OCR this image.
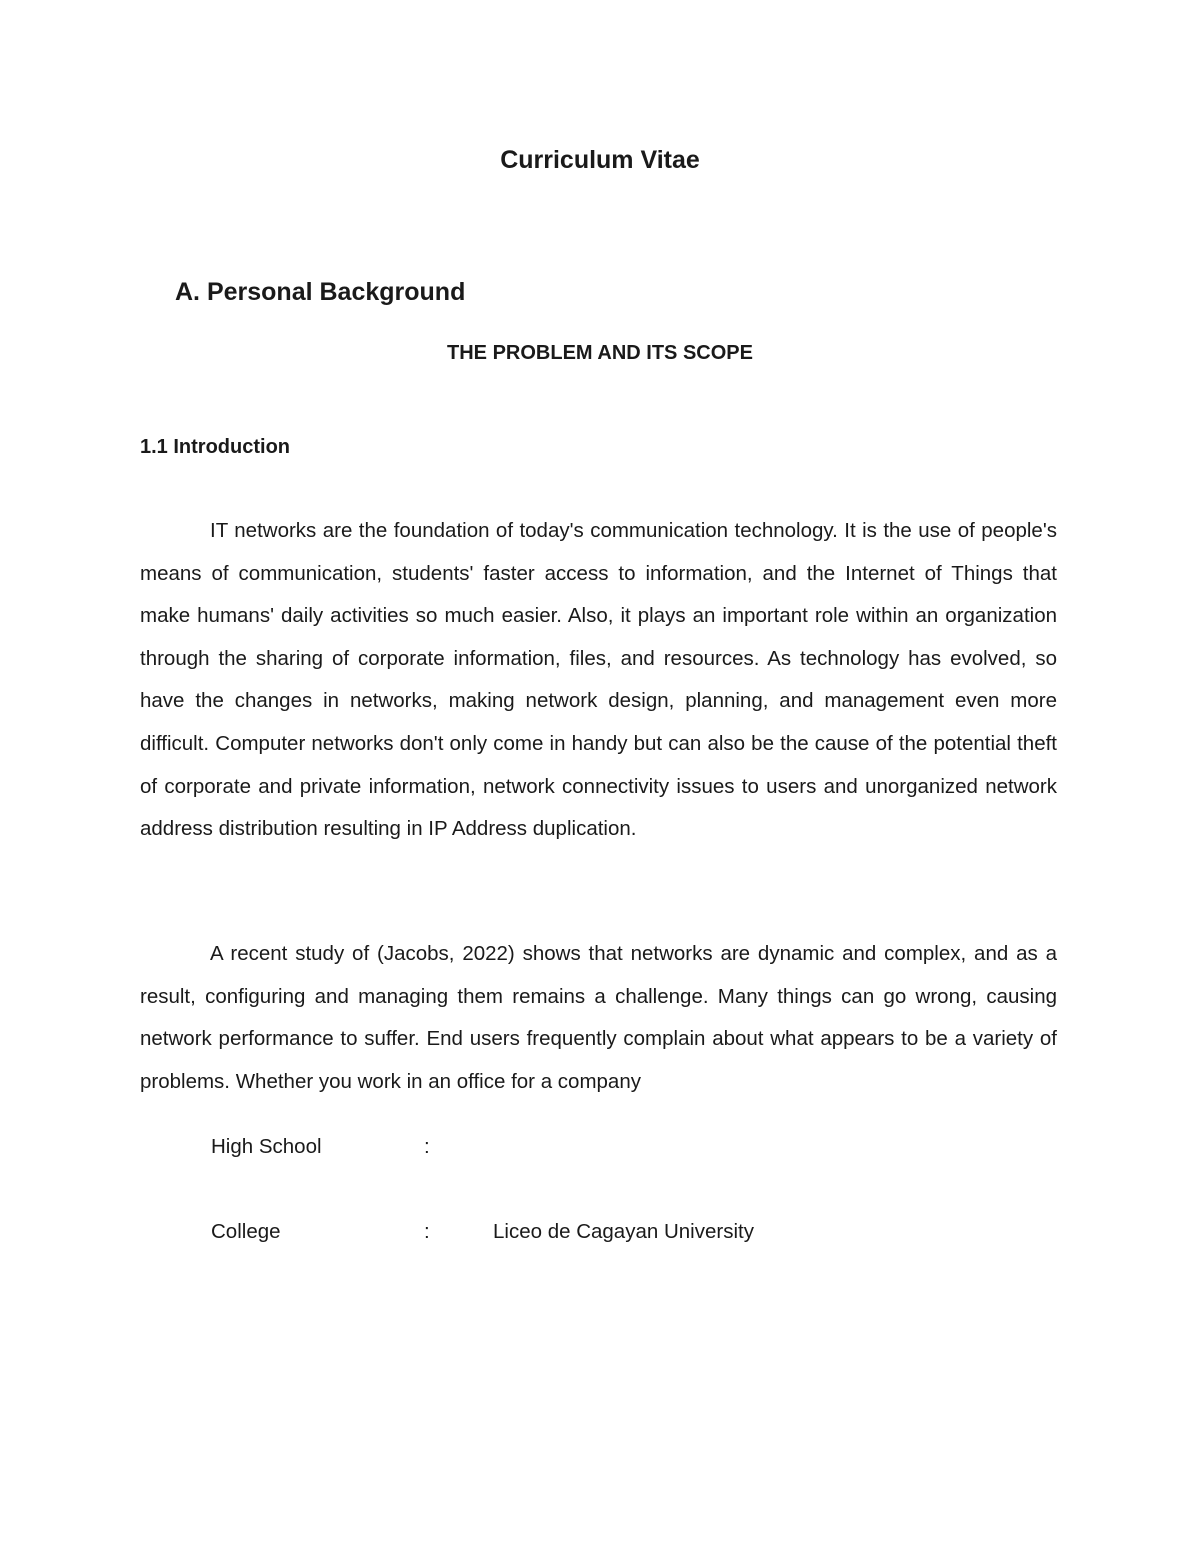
Curriculum Vitae
A. Personal Background
THE PROBLEM AND ITS SCOPE
1.1 Introduction

IT networks are the foundation of today's communication technology. It is the use of people's means of communication, students' faster access to information, and the Internet of Things that make humans' daily activities so much easier. Also, it plays an important role within an organization through the sharing of corporate information, files, and resources. As technology has evolved, so have the changes in networks, making network design, planning, and management even more difficult. Computer networks don't only come in handy but can also be the cause of the potential theft of corporate and private information, network connectivity issues to users and unorganized network address distribution resulting in IP Address duplication.

A recent study of (Jacobs, 2022) shows that networks are dynamic and complex, and as a result, configuring and managing them remains a challenge. Many things can go wrong, causing network performance to suffer. End users frequently complain about what appears to be a variety of problems. Whether you work in an office for a company

High School	:
College	:	Liceo de Cagayan University
